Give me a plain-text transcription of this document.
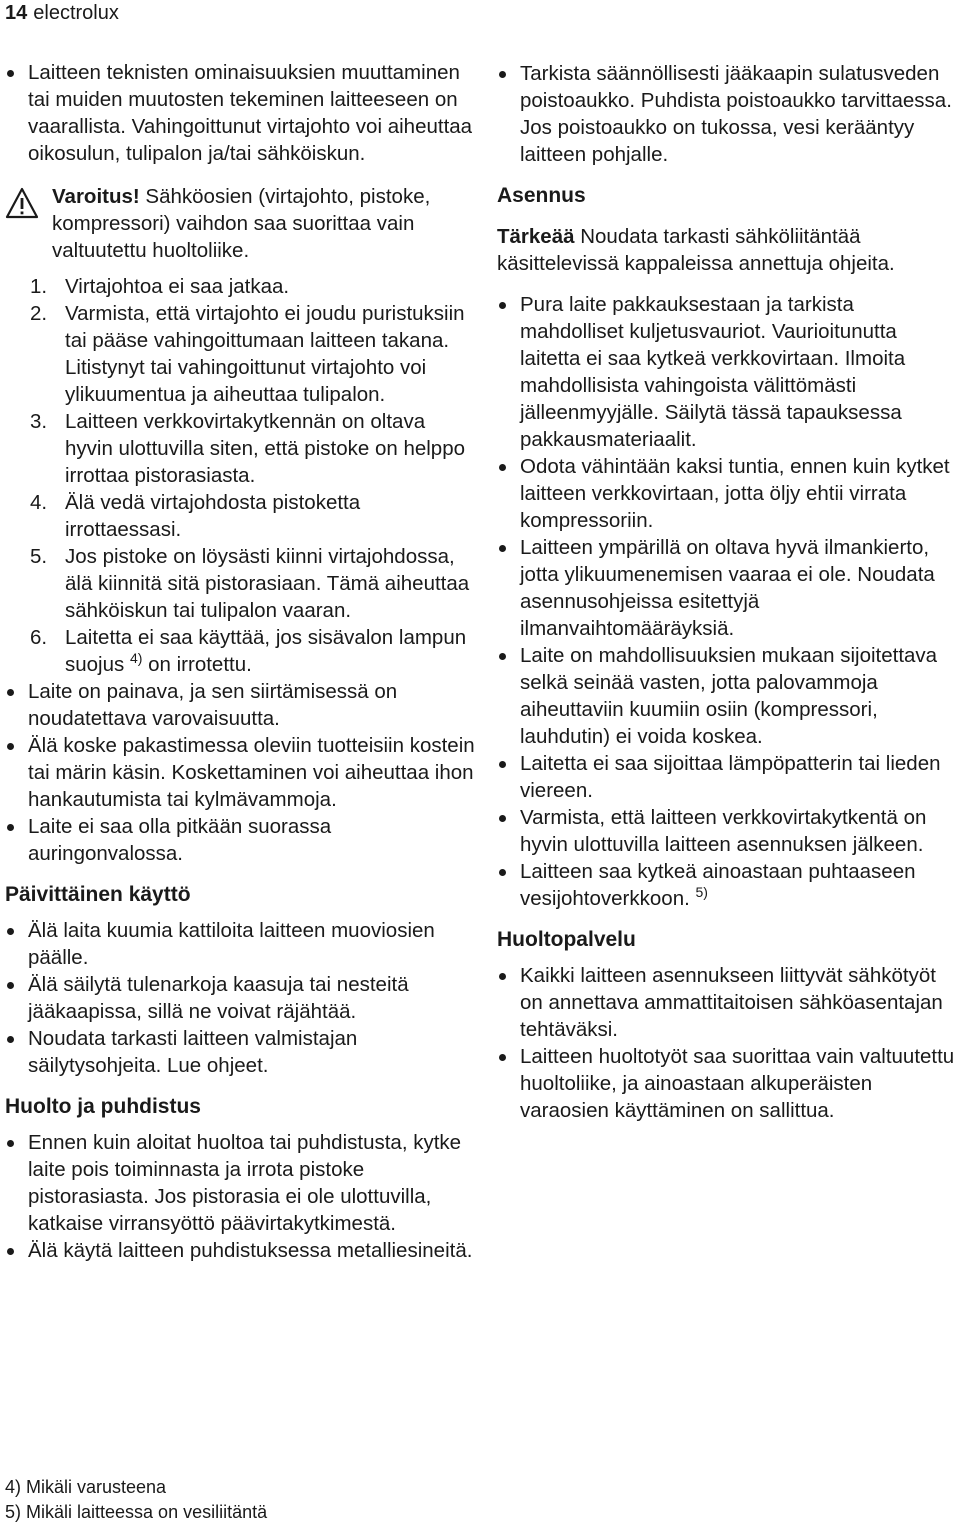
14 electrolux

Laitteen teknisten ominaisuuksien muuttaminen tai muiden muutosten tekeminen laitteeseen on vaarallista. Vahingoittunut virtajohto voi aiheuttaa oikosulun, tulipalon ja/tai sähköiskun.

Varoitus! Sähköosien (virtajohto, pistoke, kompressori) vaihdon saa suorittaa vain valtuutettu huoltoliike.
1. Virtajohtoa ei saa jatkaa.
2. Varmista, että virtajohto ei joudu puristuksiin tai pääse vahingoittumaan laitteen takana. Litistynyt tai vahingoittunut virtajohto voi ylikuumentua ja aiheuttaa tulipalon.
3. Laitteen verkkovirtakytkennän on oltava hyvin ulottuvilla siten, että pistoke on helppo irrottaa pistorasiasta.
4. Älä vedä virtajohdosta pistoketta irrottaessasi.
5. Jos pistoke on löysästi kiinni virtajohdossa, älä kiinnitä sitä pistorasiaan. Tämä aiheuttaa sähköiskun tai tulipalon vaaran.
6. Laitetta ei saa käyttää, jos sisävalon lampun suojus $^{4)}$ on irrotettu.

Laite on painava, ja sen siirtämisessä on noudatettava varovaisuutta.

Älä koske pakastimessa oleviin tuotteisiin kostein tai märin käsin. Koskettaminen voi aiheuttaa ihon hankautumista tai kylmävammoja.

Laite ei saa olla pitkään suorassa auringonvalossa.

Päivittäinen käyttö

Älä laita kuumia kattiloita laitteen muoviosien päälle.

Älä säilytä tulenarkoja kaasuja tai nesteitä jääkaapissa, sillä ne voivat räjähtää.

Noudata tarkasti laitteen valmistajan säilytysohjeita. Lue ohjeet.

Huolto ja puhdistus

Ennen kuin aloitat huoltoa tai puhdistusta, kytke laite pois toiminnasta ja irrota pistoke pistorasiasta. Jos pistorasia ei ole ulottuvilla, katkaise virransyöttö päävirtakytkimestä.

Älä käytä laitteen puhdistuksessa metalliesineitä.

Tarkista säännöllisesti jääkaapin sulatusveden poistoaukko. Puhdista poistoaukko tarvittaessa. Jos poistoaukko on tukossa, vesi kerääntyy laitteen pohjalle.

Asennus

Tärkeää Noudata tarkasti sähköliitäntää käsittelevissä kappaleissa annettuja ohjeita.

Pura laite pakkauksestaan ja tarkista mahdolliset kuljetusvauriot. Vaurioitunutta laitetta ei saa kytkeä verkkovirtaan. Ilmoita mahdollisista vahingoista välittömästi jälleenmyyjälle. Säilytä tässä tapauksessa pakkausmateriaalit.

Odota vähintään kaksi tuntia, ennen kuin kytket laitteen verkkovirtaan, jotta öljy ehtii virrata kompressoriin.

Laitteen ympärillä on oltava hyvä ilmankierto, jotta ylikuumenemisen vaaraa ei ole. Noudata asennusohjeissa esitettyjä ilmanvaihtomääräyksiä.

Laite on mahdollisuuksien mukaan sijoitettava selkä seinää vasten, jotta palovammoja aiheuttaviin kuumiin osiin (kompressori, lauhdutin) ei voida koskea.

Laitetta ei saa sijoittaa lämpöpatterin tai lieden viereen.

Varmista, että laitteen verkkovirtakytkentä on hyvin ulottuvilla laitteen asennuksen jälkeen.

Laitteen saa kytkeä ainoastaan puhtaaseen vesijohtoverkkoon. $^{5)}$

Huoltopalvelu

Kaikki laitteen asennukseen liittyvät sähkötyöt on annettava ammattitaitoisen sähköasentajan tehtäväksi.

Laitteen huoltotyöt saa suorittaa vain valtuutettu huoltoliike, ja ainoastaan alkuperäisten varaosien käyttäminen on sallittua.

4) Mikäli varusteena
5) Mikäli laitteessa on vesiliitäntä
